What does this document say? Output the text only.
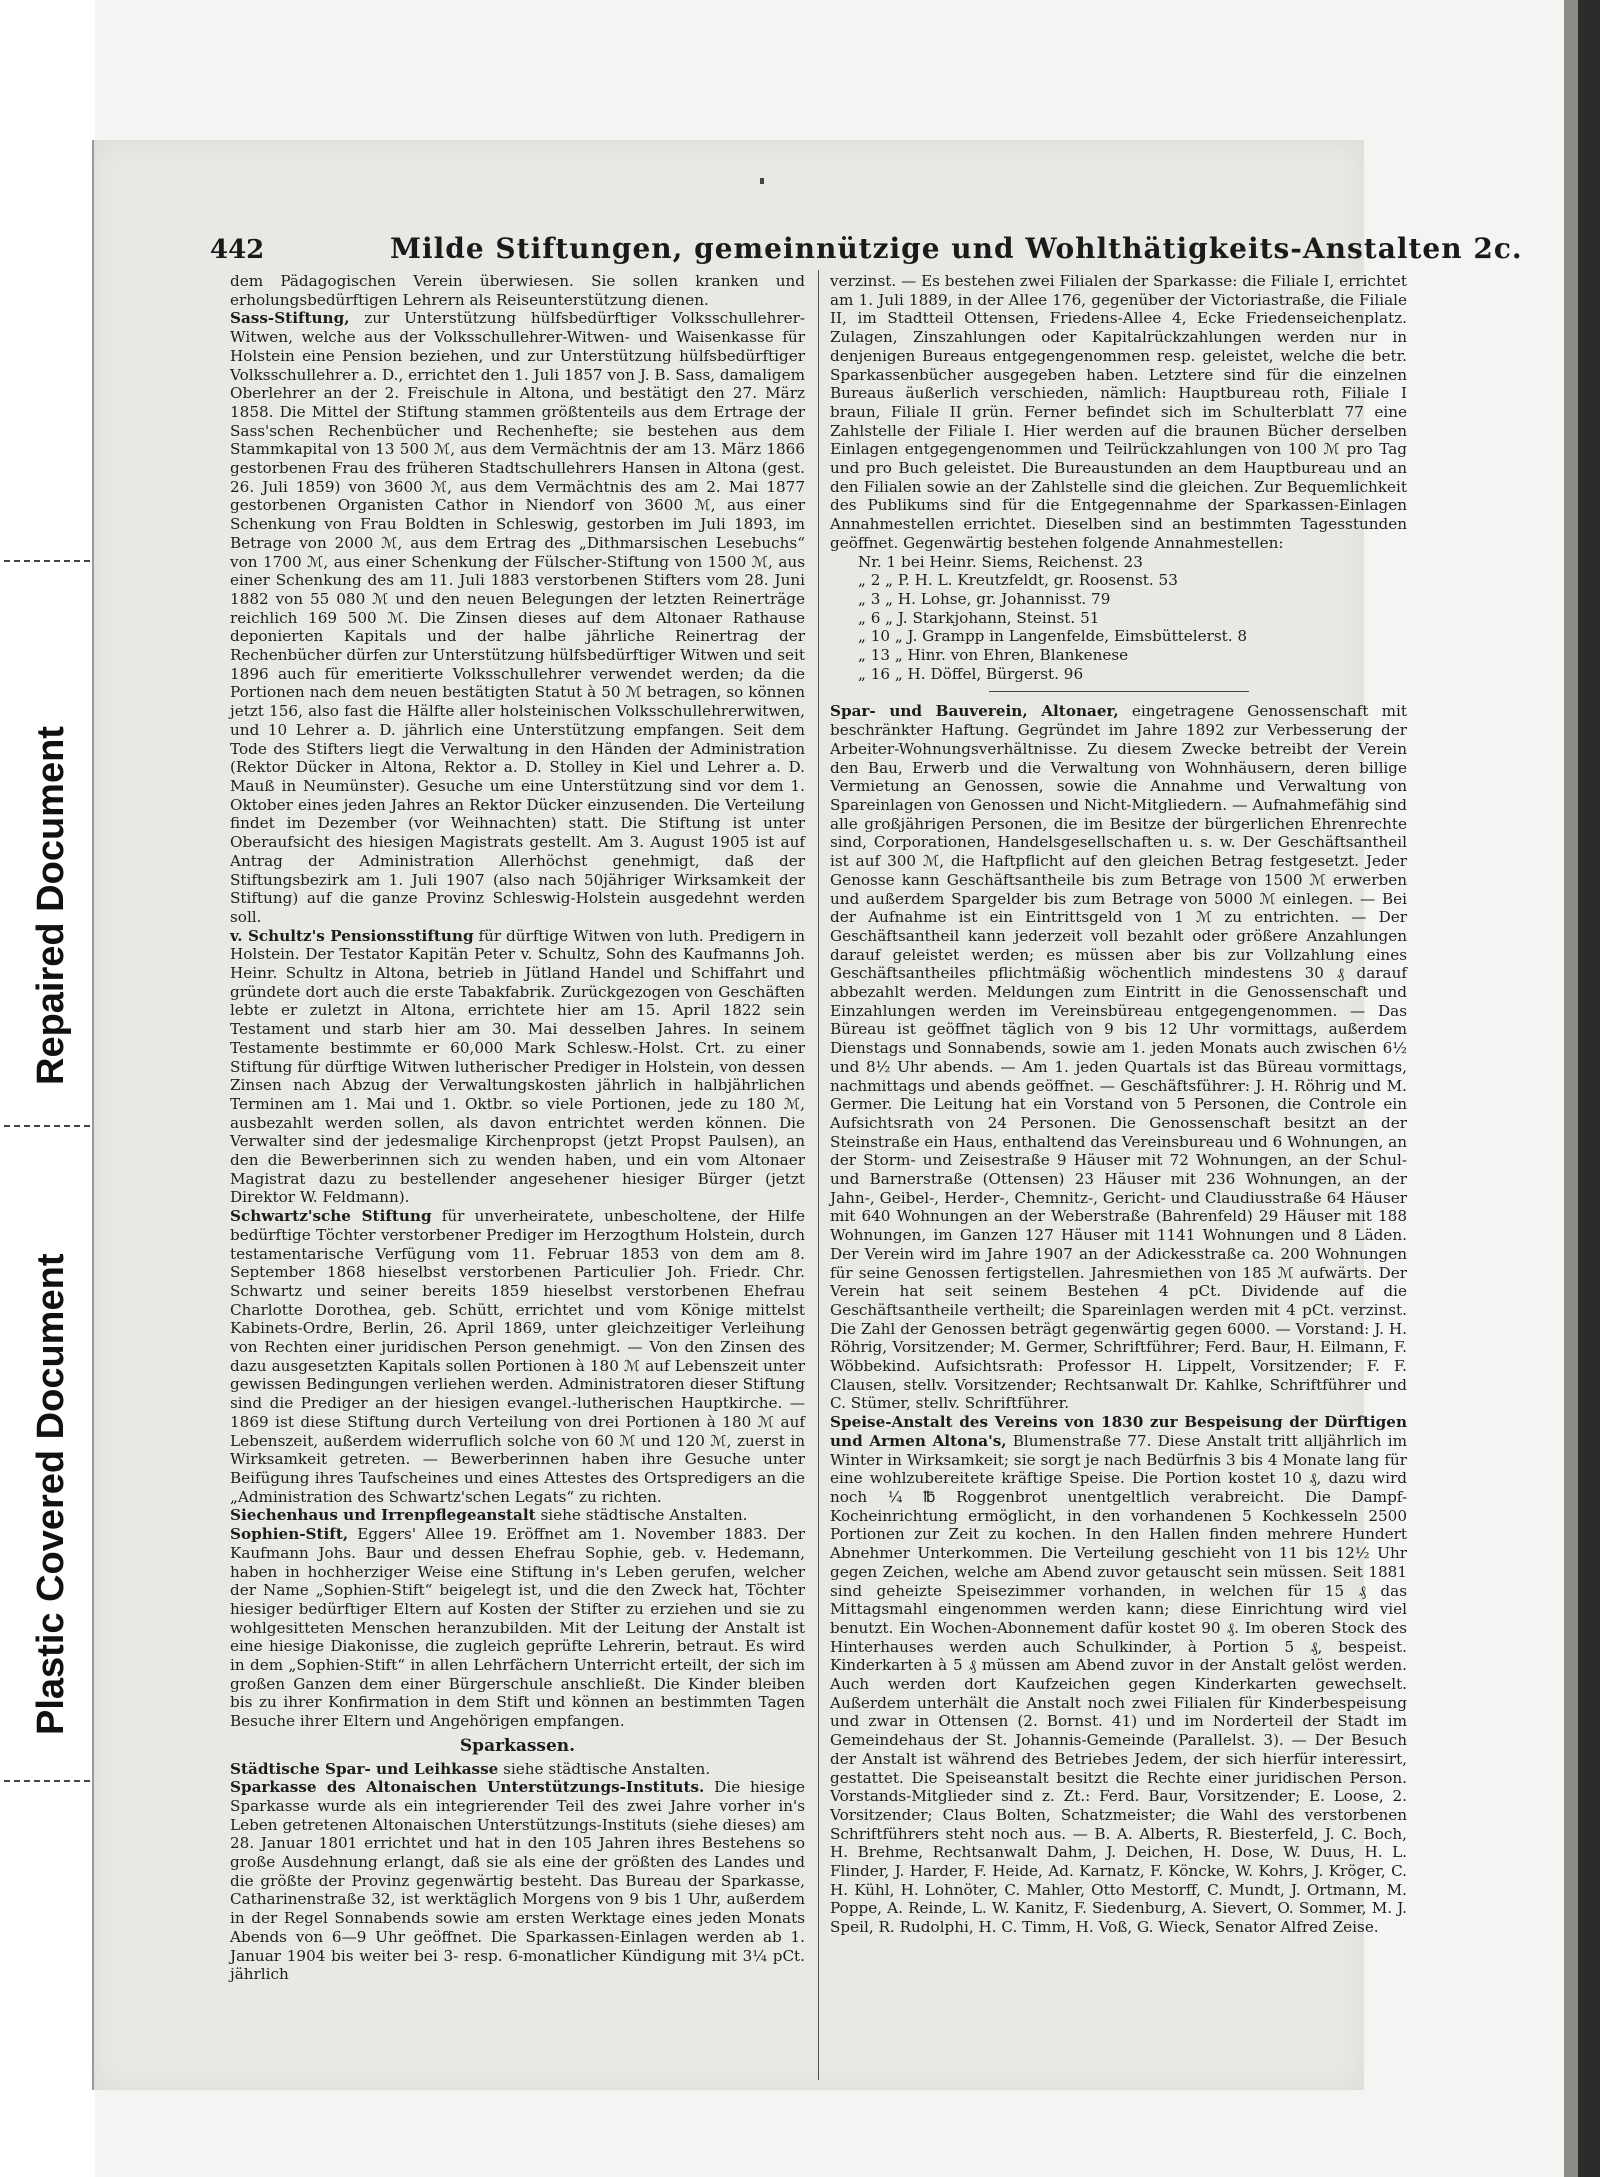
Repaired Document
Plastic Covered Document
442	Milde Stiftungen, gemeinnützige und Wohlthätigkeits-Anstalten 2c.

dem Pädagogischen Verein überwiesen. Sie sollen kranken und erholungsbedürftigen Lehrern als Reiseunterstützung dienen.

Sass-Stiftung, zur Unterstützung hülfsbedürftiger Volksschullehrer-Witwen, welche aus der Volksschullehrer-Witwen- und Waisenkasse für Holstein eine Pension beziehen, und zur Unterstützung hülfsbedürftiger Volksschullehrer a. D., errichtet den 1. Juli 1857 von J. B. Sass, damaligem Oberlehrer an der 2. Freischule in Altona, und bestätigt den 27. März 1858. Die Mittel der Stiftung stammen größtenteils aus dem Ertrage der Sass'schen Rechenbücher und Rechenhefte; sie bestehen aus dem Stammkapital von 13 500 ℳ, aus dem Vermächtnis der am 13. März 1866 gestorbenen Frau des früheren Stadtschullehrers Hansen in Altona (gest. 26. Juli 1859) von 3600 ℳ, aus dem Vermächtnis des am 2. Mai 1877 gestorbenen Organisten Cathor in Niendorf von 3600 ℳ, aus einer Schenkung von Frau Boldten in Schleswig, gestorben im Juli 1893, im Betrage von 2000 ℳ, aus dem Ertrag des „Dithmarsischen Lesebuchs“ von 1700 ℳ, aus einer Schenkung der Fülscher-Stiftung von 1500 ℳ, aus einer Schenkung des am 11. Juli 1883 verstorbenen Stifters vom 28. Juni 1882 von 55 080 ℳ und den neuen Belegungen der letzten Reinerträge reichlich 169 500 ℳ. Die Zinsen dieses auf dem Altonaer Rathause deponierten Kapitals und der halbe jährliche Reinertrag der Rechenbücher dürfen zur Unterstützung hülfsbedürftiger Witwen und seit 1896 auch für emeritierte Volksschullehrer verwendet werden; da die Portionen nach dem neuen bestätigten Statut à 50 ℳ betragen, so können jetzt 156, also fast die Hälfte aller holsteinischen Volksschullehrerwitwen, und 10 Lehrer a. D. jährlich eine Unterstützung empfangen. Seit dem Tode des Stifters liegt die Verwaltung in den Händen der Administration (Rektor Dücker in Altona, Rektor a. D. Stolley in Kiel und Lehrer a. D. Mauß in Neumünster). Gesuche um eine Unterstützung sind vor dem 1. Oktober eines jeden Jahres an Rektor Dücker einzusenden. Die Verteilung findet im Dezember (vor Weihnachten) statt. Die Stiftung ist unter Oberaufsicht des hiesigen Magistrats gestellt. Am 3. August 1905 ist auf Antrag der Administration Allerhöchst genehmigt, daß der Stiftungsbezirk am 1. Juli 1907 (also nach 50jähriger Wirksamkeit der Stiftung) auf die ganze Provinz Schleswig-Holstein ausgedehnt werden soll.

v. Schultz's Pensionsstiftung für dürftige Witwen von luth. Predigern in Holstein. Der Testator Kapitän Peter v. Schultz, Sohn des Kaufmanns Joh. Heinr. Schultz in Altona, betrieb in Jütland Handel und Schiffahrt und gründete dort auch die erste Tabakfabrik. Zurückgezogen von Geschäften lebte er zuletzt in Altona, errichtete hier am 15. April 1822 sein Testament und starb hier am 30. Mai desselben Jahres. In seinem Testamente bestimmte er 60,000 Mark Schlesw.-Holst. Crt. zu einer Stiftung für dürftige Witwen lutherischer Prediger in Holstein, von dessen Zinsen nach Abzug der Verwaltungskosten jährlich in halbjährlichen Terminen am 1. Mai und 1. Oktbr. so viele Portionen, jede zu 180 ℳ, ausbezahlt werden sollen, als davon entrichtet werden können. Die Verwalter sind der jedesmalige Kirchenpropst (jetzt Propst Paulsen), an den die Bewerberinnen sich zu wenden haben, und ein vom Altonaer Magistrat dazu zu bestellender angesehener hiesiger Bürger (jetzt Direktor W. Feldmann).

Schwartz'sche Stiftung für unverheiratete, unbescholtene, der Hilfe bedürftige Töchter verstorbener Prediger im Herzogthum Holstein, durch testamentarische Verfügung vom 11. Februar 1853 von dem am 8. September 1868 hieselbst verstorbenen Particulier Joh. Friedr. Chr. Schwartz und seiner bereits 1859 hieselbst verstorbenen Ehefrau Charlotte Dorothea, geb. Schütt, errichtet und vom Könige mittelst Kabinets-Ordre, Berlin, 26. April 1869, unter gleichzeitiger Verleihung von Rechten einer juridischen Person genehmigt. — Von den Zinsen des dazu ausgesetzten Kapitals sollen Portionen à 180 ℳ auf Lebenszeit unter gewissen Bedingungen verliehen werden. Administratoren dieser Stiftung sind die Prediger an der hiesigen evangel.-lutherischen Hauptkirche. — 1869 ist diese Stiftung durch Verteilung von drei Portionen à 180 ℳ auf Lebenszeit, außerdem widerruflich solche von 60 ℳ und 120 ℳ, zuerst in Wirksamkeit getreten. — Bewerberinnen haben ihre Gesuche unter Beifügung ihres Taufscheines und eines Attestes des Ortspredigers an die „Administration des Schwartz'schen Legats“ zu richten.

Siechenhaus und Irrenpflegeanstalt siehe städtische Anstalten.

Sophien-Stift, Eggers' Allee 19. Eröffnet am 1. November 1883. Der Kaufmann Johs. Baur und dessen Ehefrau Sophie, geb. v. Hedemann, haben in hochherziger Weise eine Stiftung in's Leben gerufen, welcher der Name „Sophien-Stift“ beigelegt ist, und die den Zweck hat, Töchter hiesiger bedürftiger Eltern auf Kosten der Stifter zu erziehen und sie zu wohlgesitteten Menschen heranzubilden. Mit der Leitung der Anstalt ist eine hiesige Diakonisse, die zugleich geprüfte Lehrerin, betraut. Es wird in dem „Sophien-Stift“ in allen Lehrfächern Unterricht erteilt, der sich im großen Ganzen dem einer Bürgerschule anschließt. Die Kinder bleiben bis zu ihrer Konfirmation in dem Stift und können an bestimmten Tagen Besuche ihrer Eltern und Angehörigen empfangen.

Sparkassen.

Städtische Spar- und Leihkasse siehe städtische Anstalten.

Sparkasse des Altonaischen Unterstützungs-Instituts. Die hiesige Sparkasse wurde als ein integrierender Teil des zwei Jahre vorher in's Leben getretenen Altonaischen Unterstützungs-Instituts (siehe dieses) am 28. Januar 1801 errichtet und hat in den 105 Jahren ihres Bestehens so große Ausdehnung erlangt, daß sie als eine der größten des Landes und die größte der Provinz gegenwärtig besteht. Das Bureau der Sparkasse, Catharinenstraße 32, ist werktäglich Morgens von 9 bis 1 Uhr, außerdem in der Regel Sonnabends sowie am ersten Werktage eines jeden Monats Abends von 6—9 Uhr geöffnet. Die Sparkassen-Einlagen werden ab 1. Januar 1904 bis weiter bei 3- resp. 6-monatlicher Kündigung mit 3¼ pCt. jährlich

verzinst. — Es bestehen zwei Filialen der Sparkasse: die Filiale I, errichtet am 1. Juli 1889, in der Allee 176, gegenüber der Victoriastraße, die Filiale II, im Stadtteil Ottensen, Friedens-Allee 4, Ecke Friedenseichenplatz. Zulagen, Zinszahlungen oder Kapitalrückzahlungen werden nur in denjenigen Bureaus entgegengenommen resp. geleistet, welche die betr. Sparkassenbücher ausgegeben haben. Letztere sind für die einzelnen Bureaus äußerlich verschieden, nämlich: Hauptbureau roth, Filiale I braun, Filiale II grün. Ferner befindet sich im Schulterblatt 77 eine Zahlstelle der Filiale I. Hier werden auf die braunen Bücher derselben Einlagen entgegengenommen und Teilrückzahlungen von 100 ℳ pro Tag und pro Buch geleistet. Die Bureaustunden an dem Hauptbureau und an den Filialen sowie an der Zahlstelle sind die gleichen. Zur Bequemlichkeit des Publikums sind für die Entgegennahme der Sparkassen-Einlagen Annahmestellen errichtet. Dieselben sind an bestimmten Tagesstunden geöffnet. Gegenwärtig bestehen folgende Annahmestellen:

Nr. 1 bei Heinr. Siems, Reichenst. 23
„ 2 „ P. H. L. Kreutzfeldt, gr. Roosenst. 53
„ 3 „ H. Lohse, gr. Johannisst. 79
„ 6 „ J. Starkjohann, Steinst. 51
„ 10 „ J. Grampp in Langenfelde, Eimsbüttelerst. 8
„ 13 „ Hinr. von Ehren, Blankenese
„ 16 „ H. Döffel, Bürgerst. 96

Spar- und Bauverein, Altonaer, eingetragene Genossenschaft mit beschränkter Haftung. Gegründet im Jahre 1892 zur Verbesserung der Arbeiter-Wohnungsverhältnisse. Zu diesem Zwecke betreibt der Verein den Bau, Erwerb und die Verwaltung von Wohnhäusern, deren billige Vermietung an Genossen, sowie die Annahme und Verwaltung von Spareinlagen von Genossen und Nicht-Mitgliedern. — Aufnahmefähig sind alle großjährigen Personen, die im Besitze der bürgerlichen Ehrenrechte sind, Corporationen, Handelsgesellschaften u. s. w. Der Geschäftsantheil ist auf 300 ℳ, die Haftpflicht auf den gleichen Betrag festgesetzt. Jeder Genosse kann Geschäftsantheile bis zum Betrage von 1500 ℳ erwerben und außerdem Spargelder bis zum Betrage von 5000 ℳ einlegen. — Bei der Aufnahme ist ein Eintrittsgeld von 1 ℳ zu entrichten. — Der Geschäftsantheil kann jederzeit voll bezahlt oder größere Anzahlungen darauf geleistet werden; es müssen aber bis zur Vollzahlung eines Geschäftsantheiles pflichtmäßig wöchentlich mindestens 30 ₰ darauf abbezahlt werden. Meldungen zum Eintritt in die Genossenschaft und Einzahlungen werden im Vereinsbüreau entgegengenommen. — Das Büreau ist geöffnet täglich von 9 bis 12 Uhr vormittags, außerdem Dienstags und Sonnabends, sowie am 1. jeden Monats auch zwischen 6½ und 8½ Uhr abends. — Am 1. jeden Quartals ist das Büreau vormittags, nachmittags und abends geöffnet. — Geschäftsführer: J. H. Röhrig und M. Germer. Die Leitung hat ein Vorstand von 5 Personen, die Controle ein Aufsichtsrath von 24 Personen. Die Genossenschaft besitzt an der Steinstraße ein Haus, enthaltend das Vereinsbureau und 6 Wohnungen, an der Storm- und Zeisestraße 9 Häuser mit 72 Wohnungen, an der Schul- und Barnerstraße (Ottensen) 23 Häuser mit 236 Wohnungen, an der Jahn-, Geibel-, Herder-, Chemnitz-, Gericht- und Claudiusstraße 64 Häuser mit 640 Wohnungen an der Weberstraße (Bahrenfeld) 29 Häuser mit 188 Wohnungen, im Ganzen 127 Häuser mit 1141 Wohnungen und 8 Läden. Der Verein wird im Jahre 1907 an der Adickesstraße ca. 200 Wohnungen für seine Genossen fertigstellen. Jahresmiethen von 185 ℳ aufwärts. Der Verein hat seit seinem Bestehen 4 pCt. Dividende auf die Geschäftsantheile vertheilt; die Spareinlagen werden mit 4 pCt. verzinst. Die Zahl der Genossen beträgt gegenwärtig gegen 6000. — Vorstand: J. H. Röhrig, Vorsitzender; M. Germer, Schriftführer; Ferd. Baur, H. Eilmann, F. Wöbbekind. Aufsichtsrath: Professor H. Lippelt, Vorsitzender; F. F. Clausen, stellv. Vorsitzender; Rechtsanwalt Dr. Kahlke, Schriftführer und C. Stümer, stellv. Schriftführer.

Speise-Anstalt des Vereins von 1830 zur Bespeisung der Dürftigen und Armen Altona's, Blumenstraße 77. Diese Anstalt tritt alljährlich im Winter in Wirksamkeit; sie sorgt je nach Bedürfnis 3 bis 4 Monate lang für eine wohlzubereitete kräftige Speise. Die Portion kostet 10 ₰, dazu wird noch ¼ ℔ Roggenbrot unentgeltlich verabreicht. Die Dampf-Kocheinrichtung ermöglicht, in den vorhandenen 5 Kochkesseln 2500 Portionen zur Zeit zu kochen. In den Hallen finden mehrere Hundert Abnehmer Unterkommen. Die Verteilung geschieht von 11 bis 12½ Uhr gegen Zeichen, welche am Abend zuvor getauscht sein müssen. Seit 1881 sind geheizte Speisezimmer vorhanden, in welchen für 15 ₰ das Mittagsmahl eingenommen werden kann; diese Einrichtung wird viel benutzt. Ein Wochen-Abonnement dafür kostet 90 ₰. Im oberen Stock des Hinterhauses werden auch Schulkinder, à Portion 5 ₰, bespeist. Kinderkarten à 5 ₰ müssen am Abend zuvor in der Anstalt gelöst werden. Auch werden dort Kaufzeichen gegen Kinderkarten gewechselt. Außerdem unterhält die Anstalt noch zwei Filialen für Kinderbespeisung und zwar in Ottensen (2. Bornst. 41) und im Norderteil der Stadt im Gemeindehaus der St. Johannis-Gemeinde (Parallelst. 3). — Der Besuch der Anstalt ist während des Betriebes Jedem, der sich hierfür interessirt, gestattet. Die Speiseanstalt besitzt die Rechte einer juridischen Person. Vorstands-Mitglieder sind z. Zt.: Ferd. Baur, Vorsitzender; E. Loose, 2. Vorsitzender; Claus Bolten, Schatzmeister; die Wahl des verstorbenen Schriftführers steht noch aus. — B. A. Alberts, R. Biesterfeld, J. C. Boch, H. Brehme, Rechtsanwalt Dahm, J. Deichen, H. Dose, W. Duus, H. L. Flinder, J. Harder, F. Heide, Ad. Karnatz, F. Köncke, W. Kohrs, J. Kröger, C. H. Kühl, H. Lohnöter, C. Mahler, Otto Mestorff, C. Mundt, J. Ortmann, M. Poppe, A. Reinde, L. W. Kanitz, F. Siedenburg, A. Sievert, O. Sommer, M. J. Speil, R. Rudolphi, H. C. Timm, H. Voß, G. Wieck, Senator Alfred Zeise.
